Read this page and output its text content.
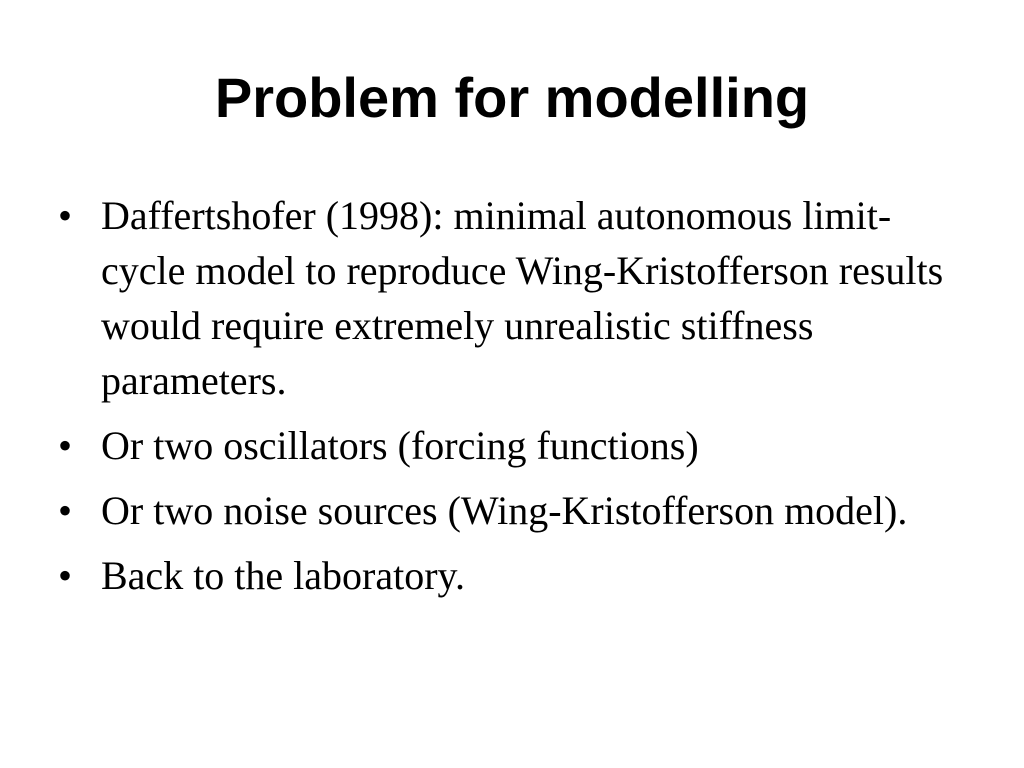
Problem for modelling
• Daffertshofer (1998): minimal autonomous limit-cycle model to reproduce Wing-Kristofferson results would require extremely unrealistic stiffness parameters.
• Or two oscillators (forcing functions)
• Or two noise sources (Wing-Kristofferson model).
• Back to the laboratory.
